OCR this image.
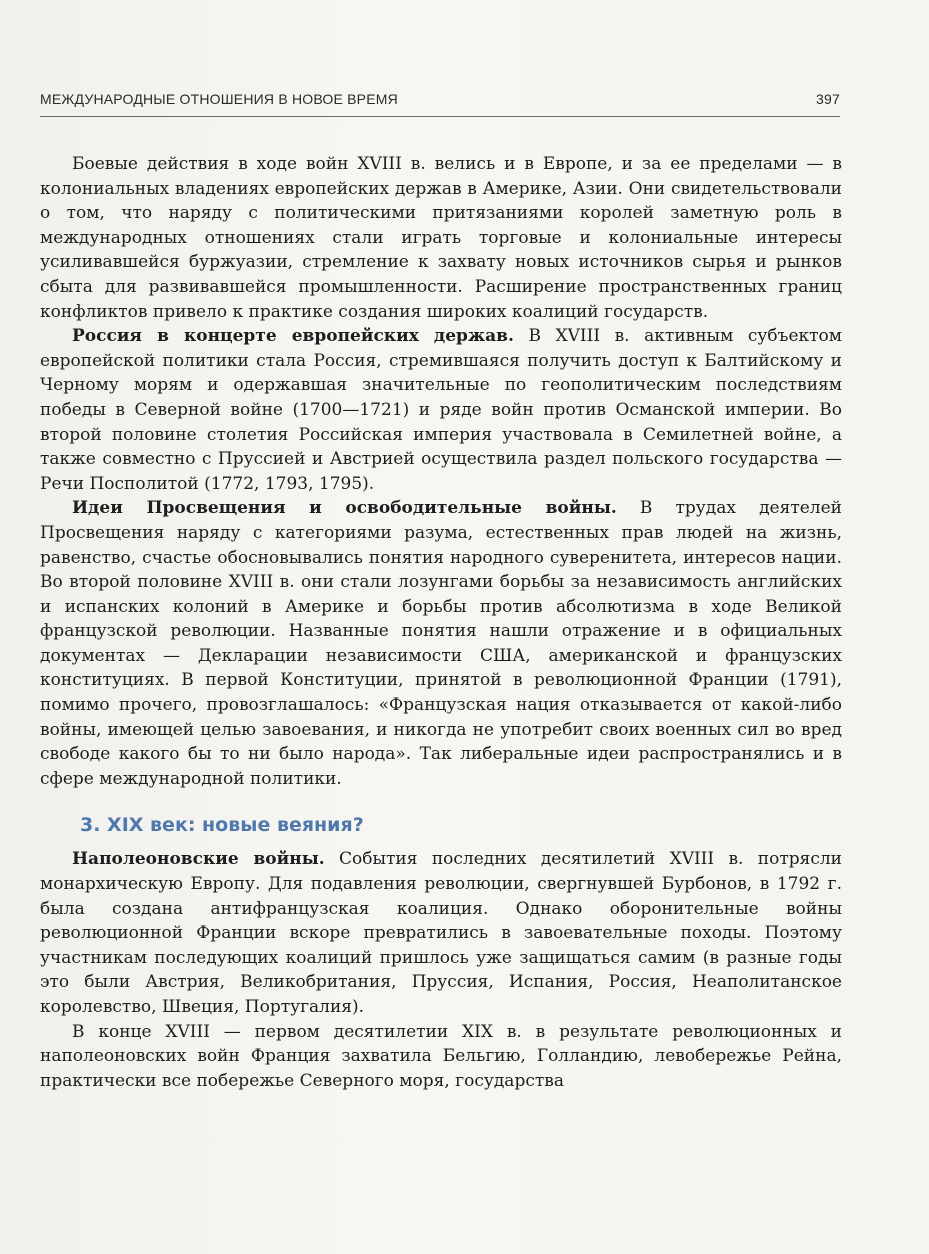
МЕЖДУНАРОДНЫЕ ОТНОШЕНИЯ В НОВОЕ ВРЕМЯ	397

Боевые действия в ходе войн XVIII в. велись и в Европе, и за ее пределами — в колониальных владениях европейских держав в Америке, Азии. Они свидетельствовали о том, что наряду с политическими притязаниями королей заметную роль в международных отношениях стали играть торговые и колониальные интересы усиливавшейся буржуазии, стремление к захвату новых источников сырья и рынков сбыта для развивавшейся промышленности. Расширение пространственных границ конфликтов привело к практике создания широких коалиций государств.

Россия в концерте европейских держав. В XVIII в. активным субъектом европейской политики стала Россия, стремившаяся получить доступ к Балтийскому и Черному морям и одержавшая значительные по геополитическим последствиям победы в Северной войне (1700—1721) и ряде войн против Османской империи. Во второй половине столетия Российская империя участвовала в Семилетней войне, а также совместно с Пруссией и Австрией осуществила раздел польского государства — Речи Посполитой (1772, 1793, 1795).

Идеи Просвещения и освободительные войны. В трудах деятелей Просвещения наряду с категориями разума, естественных прав людей на жизнь, равенство, счастье обосновывались понятия народного суверенитета, интересов нации. Во второй половине XVIII в. они стали лозунгами борьбы за независимость английских и испанских колоний в Америке и борьбы против абсолютизма в ходе Великой французской революции. Названные понятия нашли отражение и в официальных документах — Декларации независимости США, американской и французских конституциях. В первой Конституции, принятой в революционной Франции (1791), помимо прочего, провозглашалось: «Французская нация отказывается от какой-либо войны, имеющей целью завоевания, и никогда не употребит своих военных сил во вред свободе какого бы то ни было народа». Так либеральные идеи распространялись и в сфере международной политики.

3. XIX век: новые веяния?

Наполеоновские войны. События последних десятилетий XVIII в. потрясли монархическую Европу. Для подавления революции, свергнувшей Бурбонов, в 1792 г. была создана антифранцузская коалиция. Однако оборонительные войны революционной Франции вскоре превратились в завоевательные походы. Поэтому участникам последующих коалиций пришлось уже защищаться самим (в разные годы это были Австрия, Великобритания, Пруссия, Испания, Россия, Неаполитанское королевство, Швеция, Португалия).

В конце XVIII — первом десятилетии XIX в. в результате революционных и наполеоновских войн Франция захватила Бельгию, Голландию, левобережье Рейна, практически все побережье Северного моря, государства
